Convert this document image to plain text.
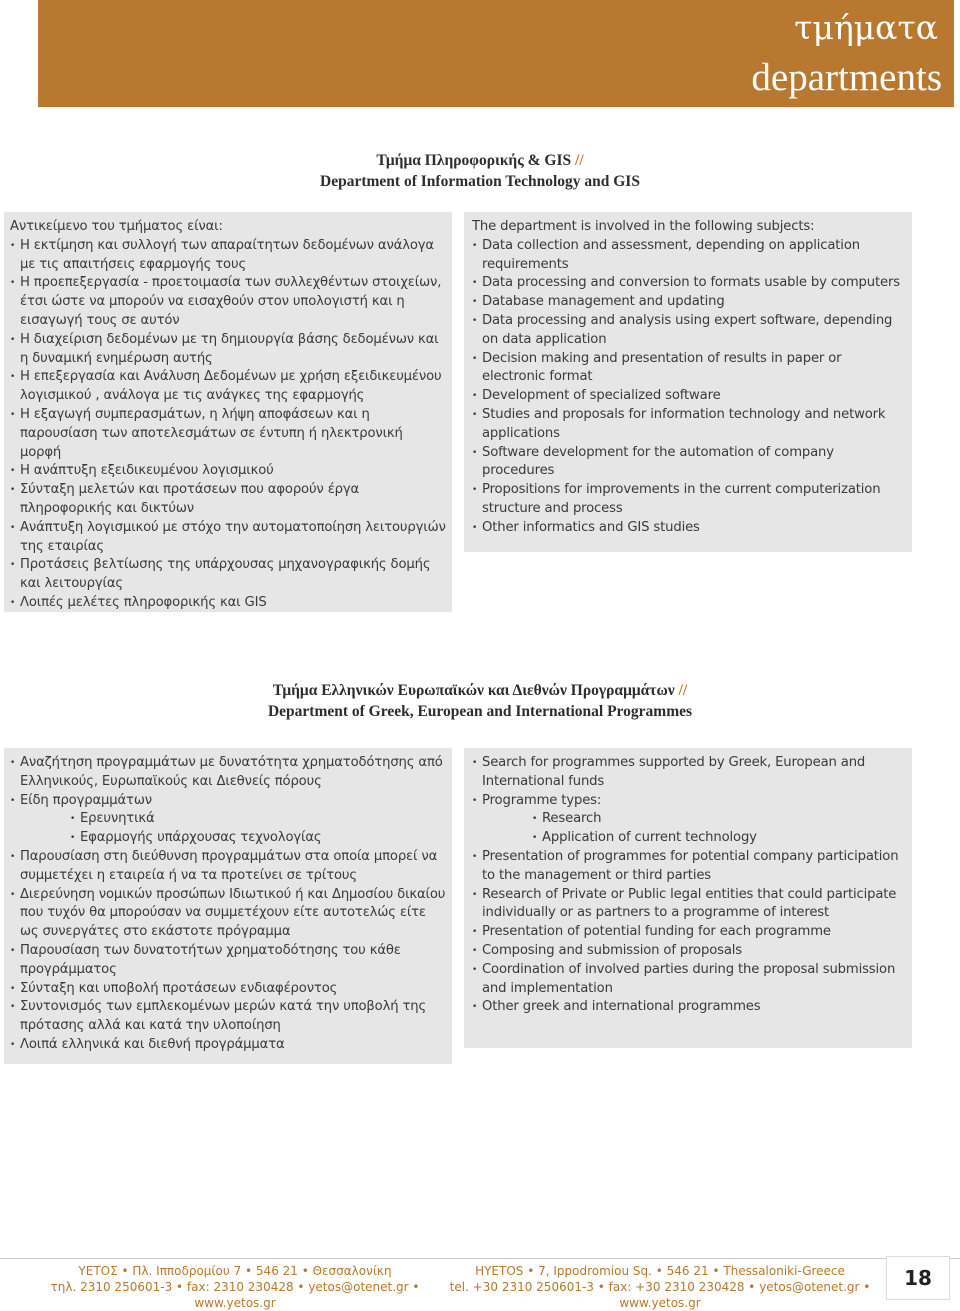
τμήματα
departments
Τμήμα Πληροφορικής & GIS //
Department of Information Technology and GIS
Αντικείμενο του τμήματος είναι:
• Η εκτίμηση και συλλογή των απαραίτητων δεδομένων ανάλογα με τις απαιτήσεις εφαρμογής τους
• Η προεπεξεργασία - προετοιμασία των συλλεχθέντων στοιχείων, έτσι ώστε να μπορούν να εισαχθούν στον υπολογιστή και η εισαγωγή τους σε αυτόν
• Η διαχείριση δεδομένων με τη δημιουργία βάσης δεδομένων και η δυναμική ενημέρωση αυτής
• Η επεξεργασία και Ανάλυση Δεδομένων με χρήση εξειδικευμένου λογισμικού , ανάλογα με τις ανάγκες της εφαρμογής
• Η εξαγωγή συμπερασμάτων, η λήψη αποφάσεων και η παρουσίαση των αποτελεσμάτων σε έντυπη ή ηλεκτρονική μορφή
• Η ανάπτυξη εξειδικευμένου λογισμικού
• Σύνταξη μελετών και προτάσεων που αφορούν έργα πληροφορικής και δικτύων
• Ανάπτυξη λογισμικού με στόχο την αυτοματοποίηση λειτουργιών της εταιρίας
• Προτάσεις βελτίωσης της υπάρχουσας μηχανογραφικής δομής και λειτουργίας
• Λοιπές μελέτες πληροφορικής και GIS
The department is involved in the following subjects:
• Data collection and assessment, depending on application requirements
• Data processing and conversion to formats usable by computers
• Database management and updating
• Data processing and analysis using expert software, depending on data application
• Decision making and presentation of results in paper or electronic format
• Development of specialized software
• Studies and proposals for information technology and network applications
• Software development for the automation of company procedures
• Propositions for improvements in the current computerization structure and process
• Other informatics and GIS studies
Τμήμα Ελληνικών Ευρωπαϊκών και Διεθνών Προγραμμάτων //
Department of Greek, European and International Programmes
• Αναζήτηση προγραμμάτων με δυνατότητα χρηματοδότησης από Ελληνικούς, Ευρωπαϊκούς και Διεθνείς πόρους
• Είδη προγραμμάτων
• Ερευνητικά
• Εφαρμογής υπάρχουσας τεχνολογίας
• Παρουσίαση στη διεύθυνση προγραμμάτων στα οποία μπορεί να συμμετέχει η εταιρεία ή να τα προτείνει σε τρίτους
• Διερεύνηση νομικών προσώπων Ιδιωτικού ή και Δημοσίου δικαίου που τυχόν θα μπορούσαν να συμμετέχουν είτε αυτοτελώς είτε ως συνεργάτες στο εκάστοτε πρόγραμμα
• Παρουσίαση των δυνατοτήτων χρηματοδότησης του κάθε προγράμματος
• Σύνταξη και υποβολή προτάσεων ενδιαφέροντος
• Συντονισμός των εμπλεκομένων μερών κατά την υποβολή της πρότασης αλλά και κατά την υλοποίηση
• Λοιπά ελληνικά και διεθνή προγράμματα
• Search for programmes supported by Greek, European and International funds
• Programme types:
• Research
• Application of current technology
• Presentation of programmes for potential company participation to the management or third parties
• Research of Private or Public legal entities that could participate individually or as partners to a programme of interest
• Presentation of potential funding for each programme
• Composing and submission of proposals
• Coordination of involved parties during the proposal submission and implementation
• Other greek and international programmes
ΥΕΤΟΣ • Πλ. Ιπποδρομίου 7 • 546 21 • Θεσσαλονίκη
τηλ. 2310 250601-3 • fax: 2310 230428 • yetos@otenet.gr • www.yetos.gr
HYETOS • 7, Ippodromiou Sq. • 546 21 • Thessaloniki-Greece
tel. +30 2310 250601-3 • fax: +30 2310 230428 • yetos@otenet.gr • www.yetos.gr
18
